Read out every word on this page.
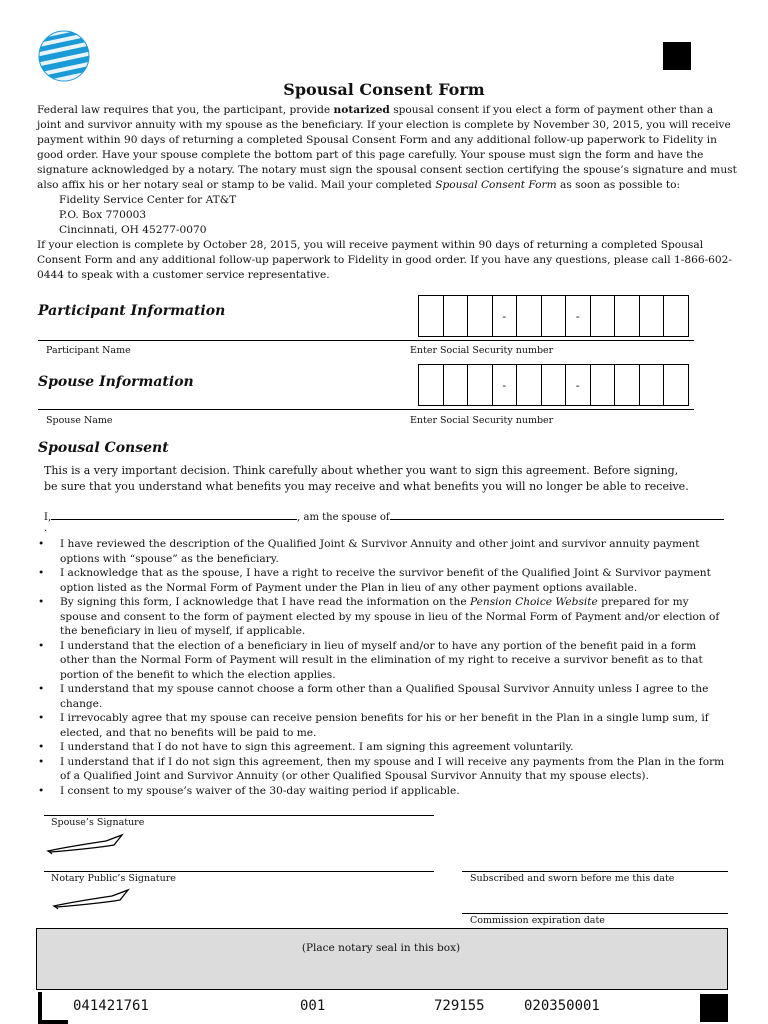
Spousal Consent Form

Federal law requires that you, the participant, provide notarized spousal consent if you elect a form of payment other than a joint and survivor annuity with my spouse as the beneficiary. If your election is complete by November 30, 2015, you will receive payment within 90 days of returning a completed Spousal Consent Form and any additional follow-up paperwork to Fidelity in good order. Have your spouse complete the bottom part of this page carefully. Your spouse must sign the form and have the signature acknowledged by a notary. The notary must sign the spousal consent section certifying the spouse’s signature and must also affix his or her notary seal or stamp to be valid. Mail your completed Spousal Consent Form as soon as possible to:

Fidelity Service Center for AT&T

P.O. Box 770003

Cincinnati, OH 45277-0070

If your election is complete by October 28, 2015, you will receive payment within 90 days of returning a completed Spousal Consent Form and any additional follow-up paperwork to Fidelity in good order. If you have any questions, please call 1-866-602-0444 to speak with a customer service representative.

Participant Information	-	-
Participant Name	Enter Social Security number
Spouse Information	-	-
Spouse Name	Enter Social Security number
Spousal Consent
This is a very important decision. Think carefully about whether you want to sign this agreement. Before signing, be sure that you understand what benefits you may receive and what benefits you will no longer be able to receive.
I,	, am the spouse of.
• I have reviewed the description of the Qualified Joint & Survivor Annuity and other joint and survivor annuity payment options with “spouse” as the beneficiary.
• I acknowledge that as the spouse, I have a right to receive the survivor benefit of the Qualified Joint & Survivor payment option listed as the Normal Form of Payment under the Plan in lieu of any other payment options available.
• By signing this form, I acknowledge that I have read the information on the Pension Choice Website prepared for my spouse and consent to the form of payment elected by my spouse in lieu of the Normal Form of Payment and/or election of the beneficiary in lieu of myself, if applicable.
• I understand that the election of a beneficiary in lieu of myself and/or to have any portion of the benefit paid in a form other than the Normal Form of Payment will result in the elimination of my right to receive a survivor benefit as to that portion of the benefit to which the election applies.
• I understand that my spouse cannot choose a form other than a Qualified Spousal Survivor Annuity unless I agree to the change.
• I irrevocably agree that my spouse can receive pension benefits for his or her benefit in the Plan in a single lump sum, if elected, and that no benefits will be paid to me.
• I understand that I do not have to sign this agreement. I am signing this agreement voluntarily.
• I understand that if I do not sign this agreement, then my spouse and I will receive any payments from the Plan in the form of a Qualified Joint and Survivor Annuity (or other Qualified Spousal Survivor Annuity that my spouse elects).
• I consent to my spouse’s waiver of the 30-day waiting period if applicable.
Spouse’s Signature
Notary Public’s Signature	Subscribed and sworn before me this date
Commission expiration date
(Place notary seal in this box)
041421761	001	729155	020350001
